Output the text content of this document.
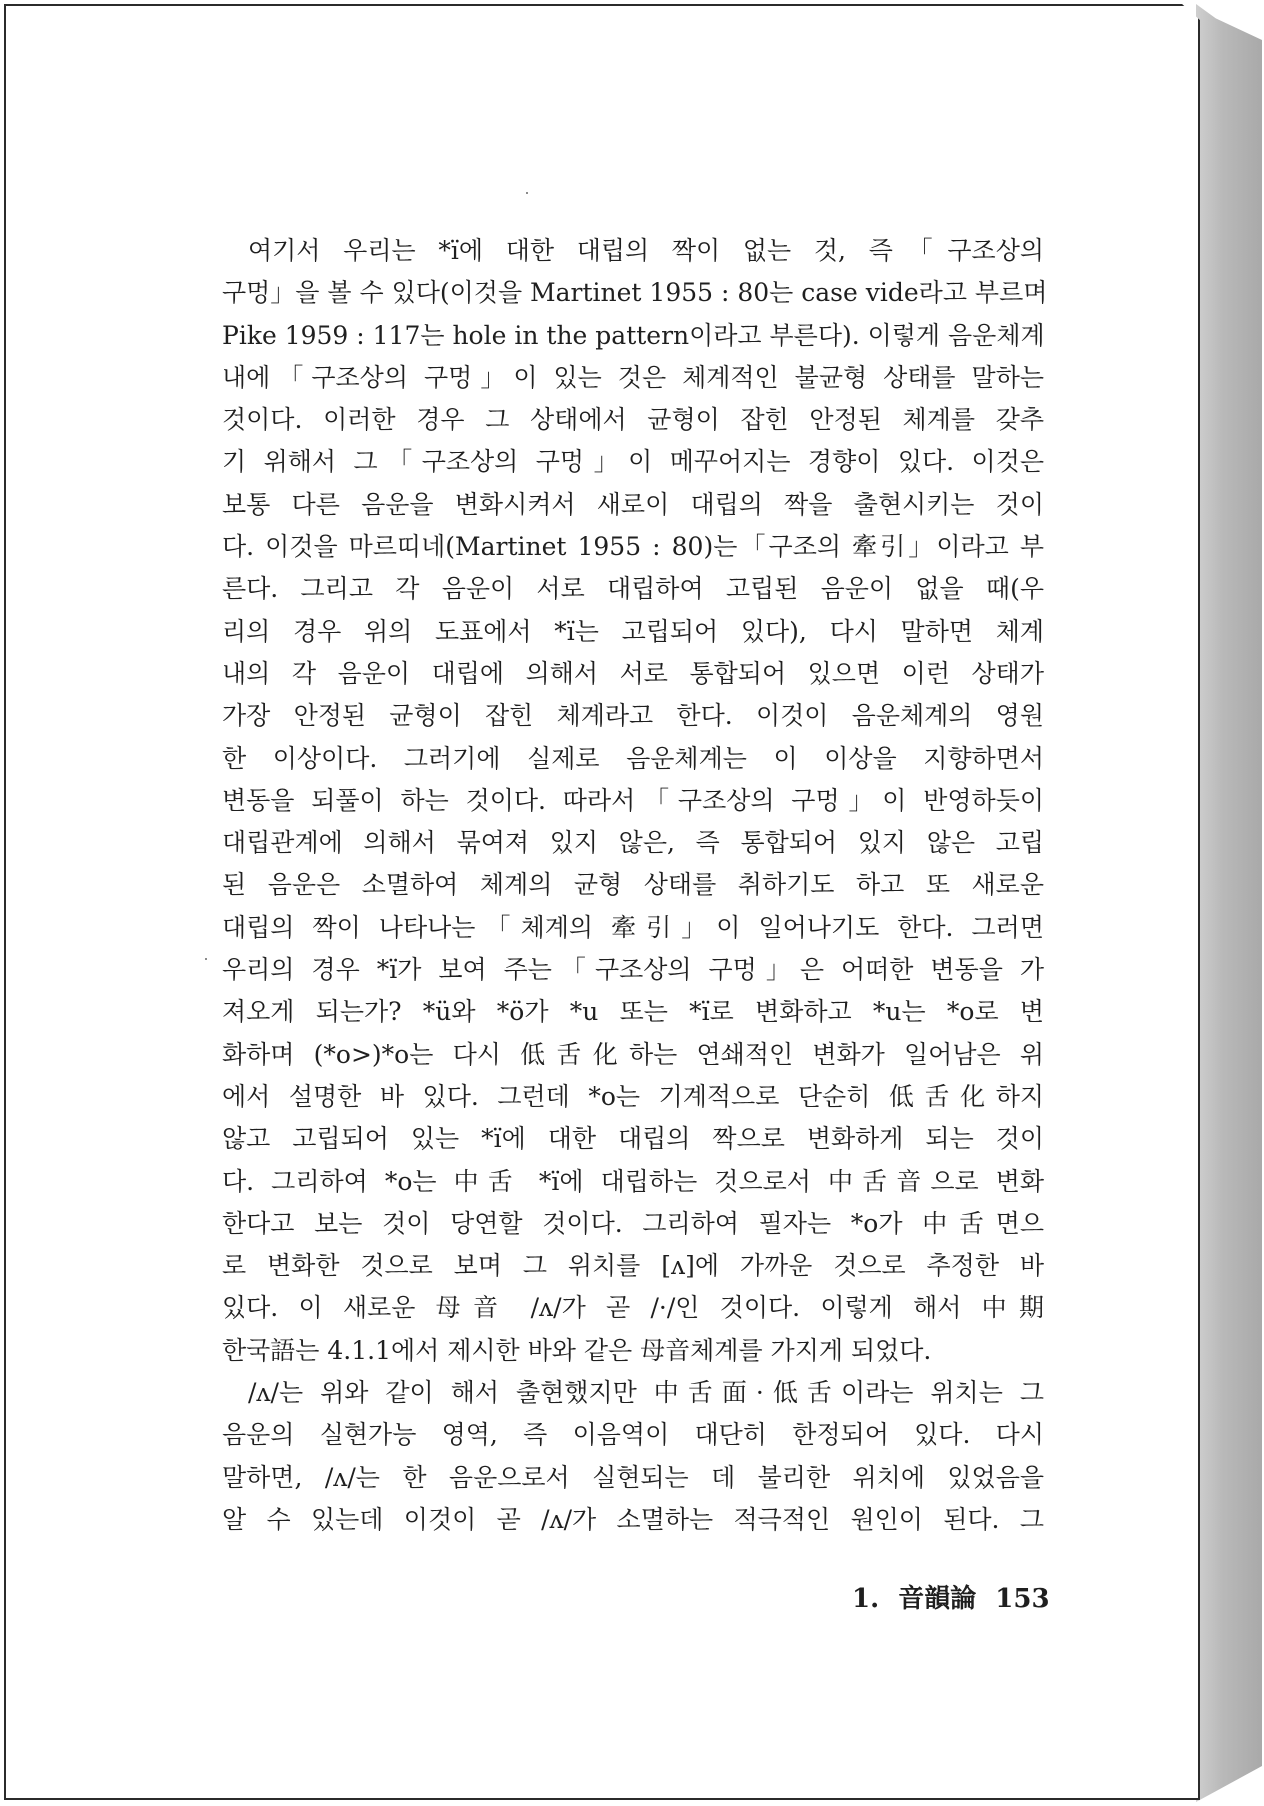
여기서 우리는 *ï에 대한 대립의 짝이 없는 것, 즉「구조상의
구멍」을 볼 수 있다(이것을 Martinet 1955 : 80는 case vide라고 부르며
Pike 1959 : 117는 hole in the pattern이라고 부른다). 이렇게 음운체계
내에「구조상의 구멍」이 있는 것은 체계적인 불균형 상태를 말하는
것이다. 이러한 경우 그 상태에서 균형이 잡힌 안정된 체계를 갖추
기 위해서 그「구조상의 구멍」이 메꾸어지는 경향이 있다. 이것은
보통 다른 음운을 변화시켜서 새로이 대립의 짝을 출현시키는 것이
다. 이것을 마르띠네(Martinet 1955 : 80)는「구조의 牽引」이라고 부
른다. 그리고 각 음운이 서로 대립하여 고립된 음운이 없을 때(우
리의 경우 위의 도표에서 *ï는 고립되어 있다), 다시 말하면 체계
내의 각 음운이 대립에 의해서 서로 통합되어 있으면 이런 상태가
가장 안정된 균형이 잡힌 체계라고 한다. 이것이 음운체계의 영원
한 이상이다. 그러기에 실제로 음운체계는 이 이상을 지향하면서
변동을 되풀이 하는 것이다. 따라서「구조상의 구멍」이 반영하듯이
대립관계에 의해서 묶여져 있지 않은, 즉 통합되어 있지 않은 고립
된 음운은 소멸하여 체계의 균형 상태를 취하기도 하고 또 새로운
대립의 짝이 나타나는「체계의 牽引」이 일어나기도 한다. 그러면
우리의 경우 *ï가 보여 주는「구조상의 구멍」은 어떠한 변동을 가
져오게 되는가? *ü와 *ö가 *u 또는 *ï로 변화하고 *u는 *o로 변
화하며 (*o>)*o는 다시 低舌化하는 연쇄적인 변화가 일어남은 위
에서 설명한 바 있다. 그런데 *o는 기계적으로 단순히 低舌化하지
않고 고립되어 있는 *ï에 대한 대립의 짝으로 변화하게 되는 것이
다. 그리하여 *o는 中舌 *ï에 대립하는 것으로서 中舌音으로 변화
한다고 보는 것이 당연할 것이다. 그리하여 필자는 *o가 中舌면으
로 변화한 것으로 보며 그 위치를 [ʌ]에 가까운 것으로 추정한 바
있다. 이 새로운 母音 /ʌ/가 곧 /·/인 것이다. 이렇게 해서 中期
한국語는 4.1.1에서 제시한 바와 같은 母音체계를 가지게 되었다.
/ʌ/는 위와 같이 해서 출현했지만 中舌面·低舌이라는 위치는 그
음운의 실현가능 영역, 즉 이음역이 대단히 한정되어 있다. 다시
말하면, /ʌ/는 한 음운으로서 실현되는 데 불리한 위치에 있었음을
알 수 있는데 이것이 곧 /ʌ/가 소멸하는 적극적인 원인이 된다. 그
1. 音韻論 153
